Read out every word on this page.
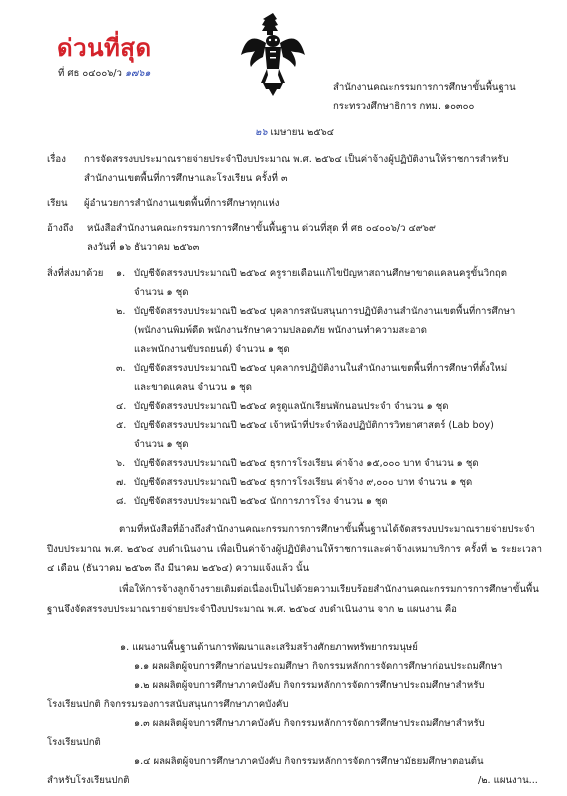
ด่วนที่สุด
ที่ ศธ ๐๔๐๐๖/ว ๑๗๖๑
สำนักงานคณะกรรมการการศึกษาขั้นพื้นฐาน
กระทรวงศึกษาธิการ กทม. ๑๐๓๐๐
๒๖ เมษายน ๒๕๖๔
เรื่อง การจัดสรรงบประมาณรายจ่ายประจำปีงบประมาณ พ.ศ. ๒๕๖๔ เป็นค่าจ้างผู้ปฏิบัติงานให้ราชการสำหรับ
สำนักงานเขตพื้นที่การศึกษาและโรงเรียน ครั้งที่ ๓
เรียน ผู้อำนวยการสำนักงานเขตพื้นที่การศึกษาทุกแห่ง
อ้างถึง หนังสือสำนักงานคณะกรรมการการศึกษาขั้นพื้นฐาน ด่วนที่สุด ที่ ศธ ๐๔๐๐๖/ว ๔๙๖๙
ลงวันที่ ๑๖ ธันวาคม ๒๕๖๓
สิ่งที่ส่งมาด้วย ๑. บัญชีจัดสรรงบประมาณปี ๒๕๖๔ ครูรายเดือนแก้ไขปัญหาสถานศึกษาขาดแคลนครูขั้นวิกฤต
จำนวน ๑ ชุด
๒. บัญชีจัดสรรงบประมาณปี ๒๕๖๔ บุคลากรสนับสนุนการปฏิบัติงานสำนักงานเขตพื้นที่การศึกษา
(พนักงานพิมพ์ดีด พนักงานรักษาความปลอดภัย พนักงานทำความสะอาด
และพนักงานขับรถยนต์) จำนวน ๑ ชุด
๓. บัญชีจัดสรรงบประมาณปี ๒๕๖๔ บุคลากรปฏิบัติงานในสำนักงานเขตพื้นที่การศึกษาที่ตั้งใหม่
และขาดแคลน จำนวน ๑ ชุด
๔. บัญชีจัดสรรงบประมาณปี ๒๕๖๔ ครูดูแลนักเรียนพักนอนประจำ จำนวน ๑ ชุด
๕. บัญชีจัดสรรงบประมาณปี ๒๕๖๔ เจ้าหน้าที่ประจำห้องปฏิบัติการวิทยาศาสตร์ (Lab boy)
จำนวน ๑ ชุด
๖. บัญชีจัดสรรงบประมาณปี ๒๕๖๔ ธุรการโรงเรียน ค่าจ้าง ๑๕,๐๐๐ บาท จำนวน ๑ ชุด
๗. บัญชีจัดสรรงบประมาณปี ๒๕๖๔ ธุรการโรงเรียน ค่าจ้าง ๙,๐๐๐ บาท จำนวน ๑ ชุด
๘. บัญชีจัดสรรงบประมาณปี ๒๕๖๔ นักการภารโรง จำนวน ๑ ชุด
ตามที่หนังสือที่อ้างถึงสำนักงานคณะกรรมการการศึกษาขั้นพื้นฐานได้จัดสรรงบประมาณรายจ่ายประจำปีงบประมาณ พ.ศ. ๒๕๖๔ งบดำเนินงาน เพื่อเป็นค่าจ้างผู้ปฏิบัติงานให้ราชการและค่าจ้างเหมาบริการ ครั้งที่ ๒ ระยะเวลา ๔ เดือน (ธันวาคม ๒๕๖๓ ถึง มีนาคม ๒๕๖๔) ความแจ้งแล้ว นั้น
เพื่อให้การจ้างลูกจ้างรายเดิมต่อเนื่องเป็นไปด้วยความเรียบร้อยสำนักงานคณะกรรมการการศึกษาขั้นพื้นฐานจึงจัดสรรงบประมาณรายจ่ายประจำปีงบประมาณ พ.ศ. ๒๕๖๔ งบดำเนินงาน จาก ๒ แผนงาน คือ
๑. แผนงานพื้นฐานด้านการพัฒนาและเสริมสร้างศักยภาพทรัพยากรมนุษย์
๑.๑ ผลผลิตผู้จบการศึกษาก่อนประถมศึกษา กิจกรรมหลักการจัดการศึกษาก่อนประถมศึกษา
๑.๒ ผลผลิตผู้จบการศึกษาภาคบังคับ กิจกรรมหลักการจัดการศึกษาประถมศึกษาสำหรับ
โรงเรียนปกติ กิจกรรมรองการสนับสนุนการศึกษาภาคบังคับ
๑.๓ ผลผลิตผู้จบการศึกษาภาคบังคับ กิจกรรมหลักการจัดการศึกษาประถมศึกษาสำหรับ
โรงเรียนปกติ
๑.๔ ผลผลิตผู้จบการศึกษาภาคบังคับ กิจกรรมหลักการจัดการศึกษามัธยมศึกษาตอนต้น
สำหรับโรงเรียนปกติ	/๒. แผนงาน...
